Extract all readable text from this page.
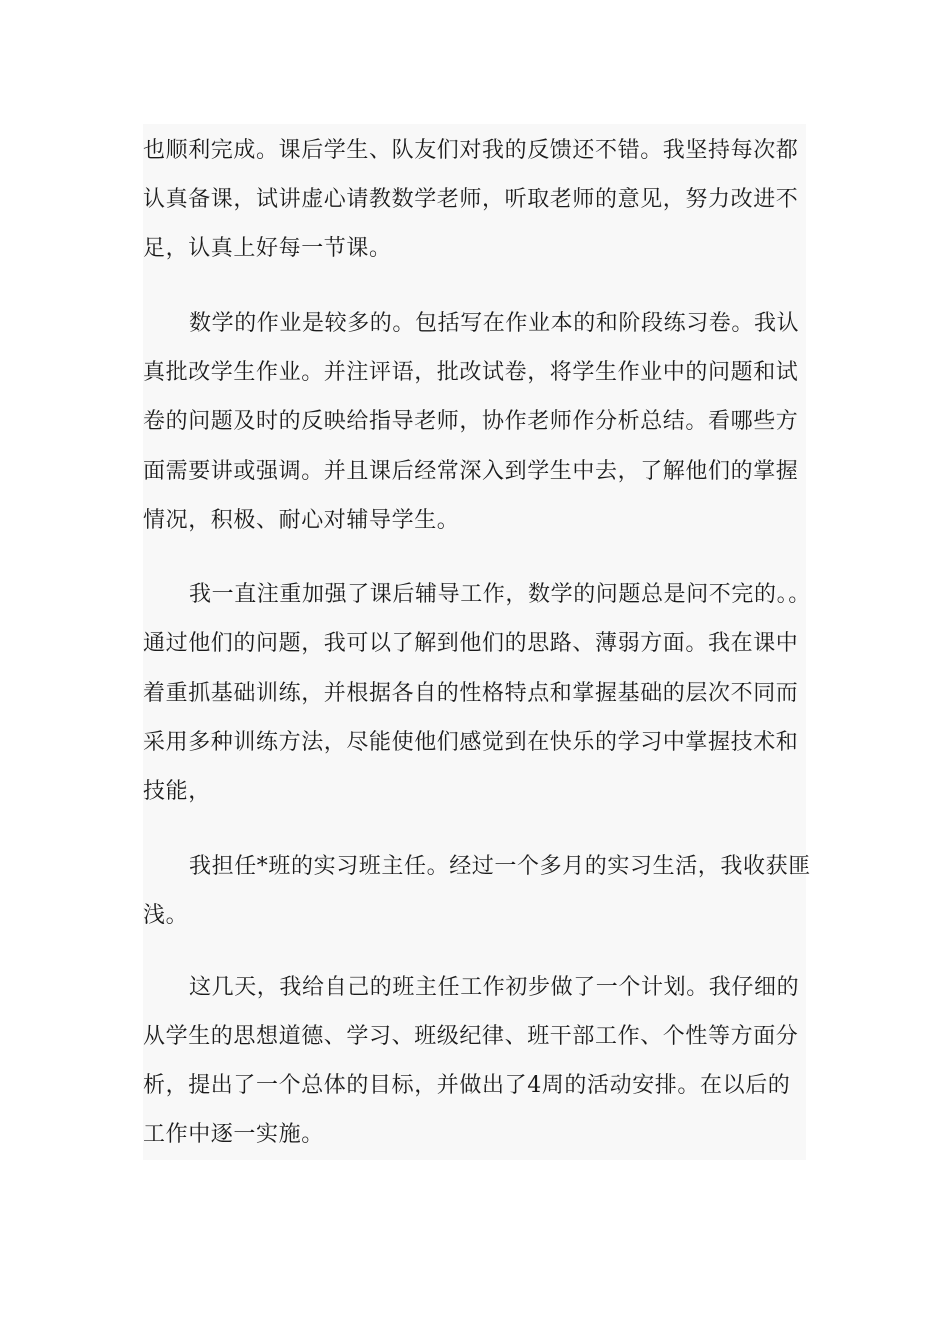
也顺利完成。课后学生、队友们对我的反馈还不错。我坚持每次都
认真备课，试讲虚心请教数学老师，听取老师的意见，努力改进不
足，认真上好每一节课。
数学的作业是较多的。包括写在作业本的和阶段练习卷。我认
真批改学生作业。并注评语，批改试卷，将学生作业中的问题和试
卷的问题及时的反映给指导老师，协作老师作分析总结。看哪些方
面需要讲或强调。并且课后经常深入到学生中去，了解他们的掌握
情况，积极、耐心对辅导学生。
我一直注重加强了课后辅导工作，数学的问题总是问不完的。。
通过他们的问题，我可以了解到他们的思路、薄弱方面。我在课中
着重抓基础训练，并根据各自的性格特点和掌握基础的层次不同而
采用多种训练方法，尽能使他们感觉到在快乐的学习中掌握技术和
技能，
我担任*班的实习班主任。经过一个多月的实习生活，我收获匪
浅。
这几天，我给自己的班主任工作初步做了一个计划。我仔细的
从学生的思想道德、学习、班级纪律、班干部工作、个性等方面分
析，提出了一个总体的目标，并做出了4周的活动安排。在以后的
工作中逐一实施。
